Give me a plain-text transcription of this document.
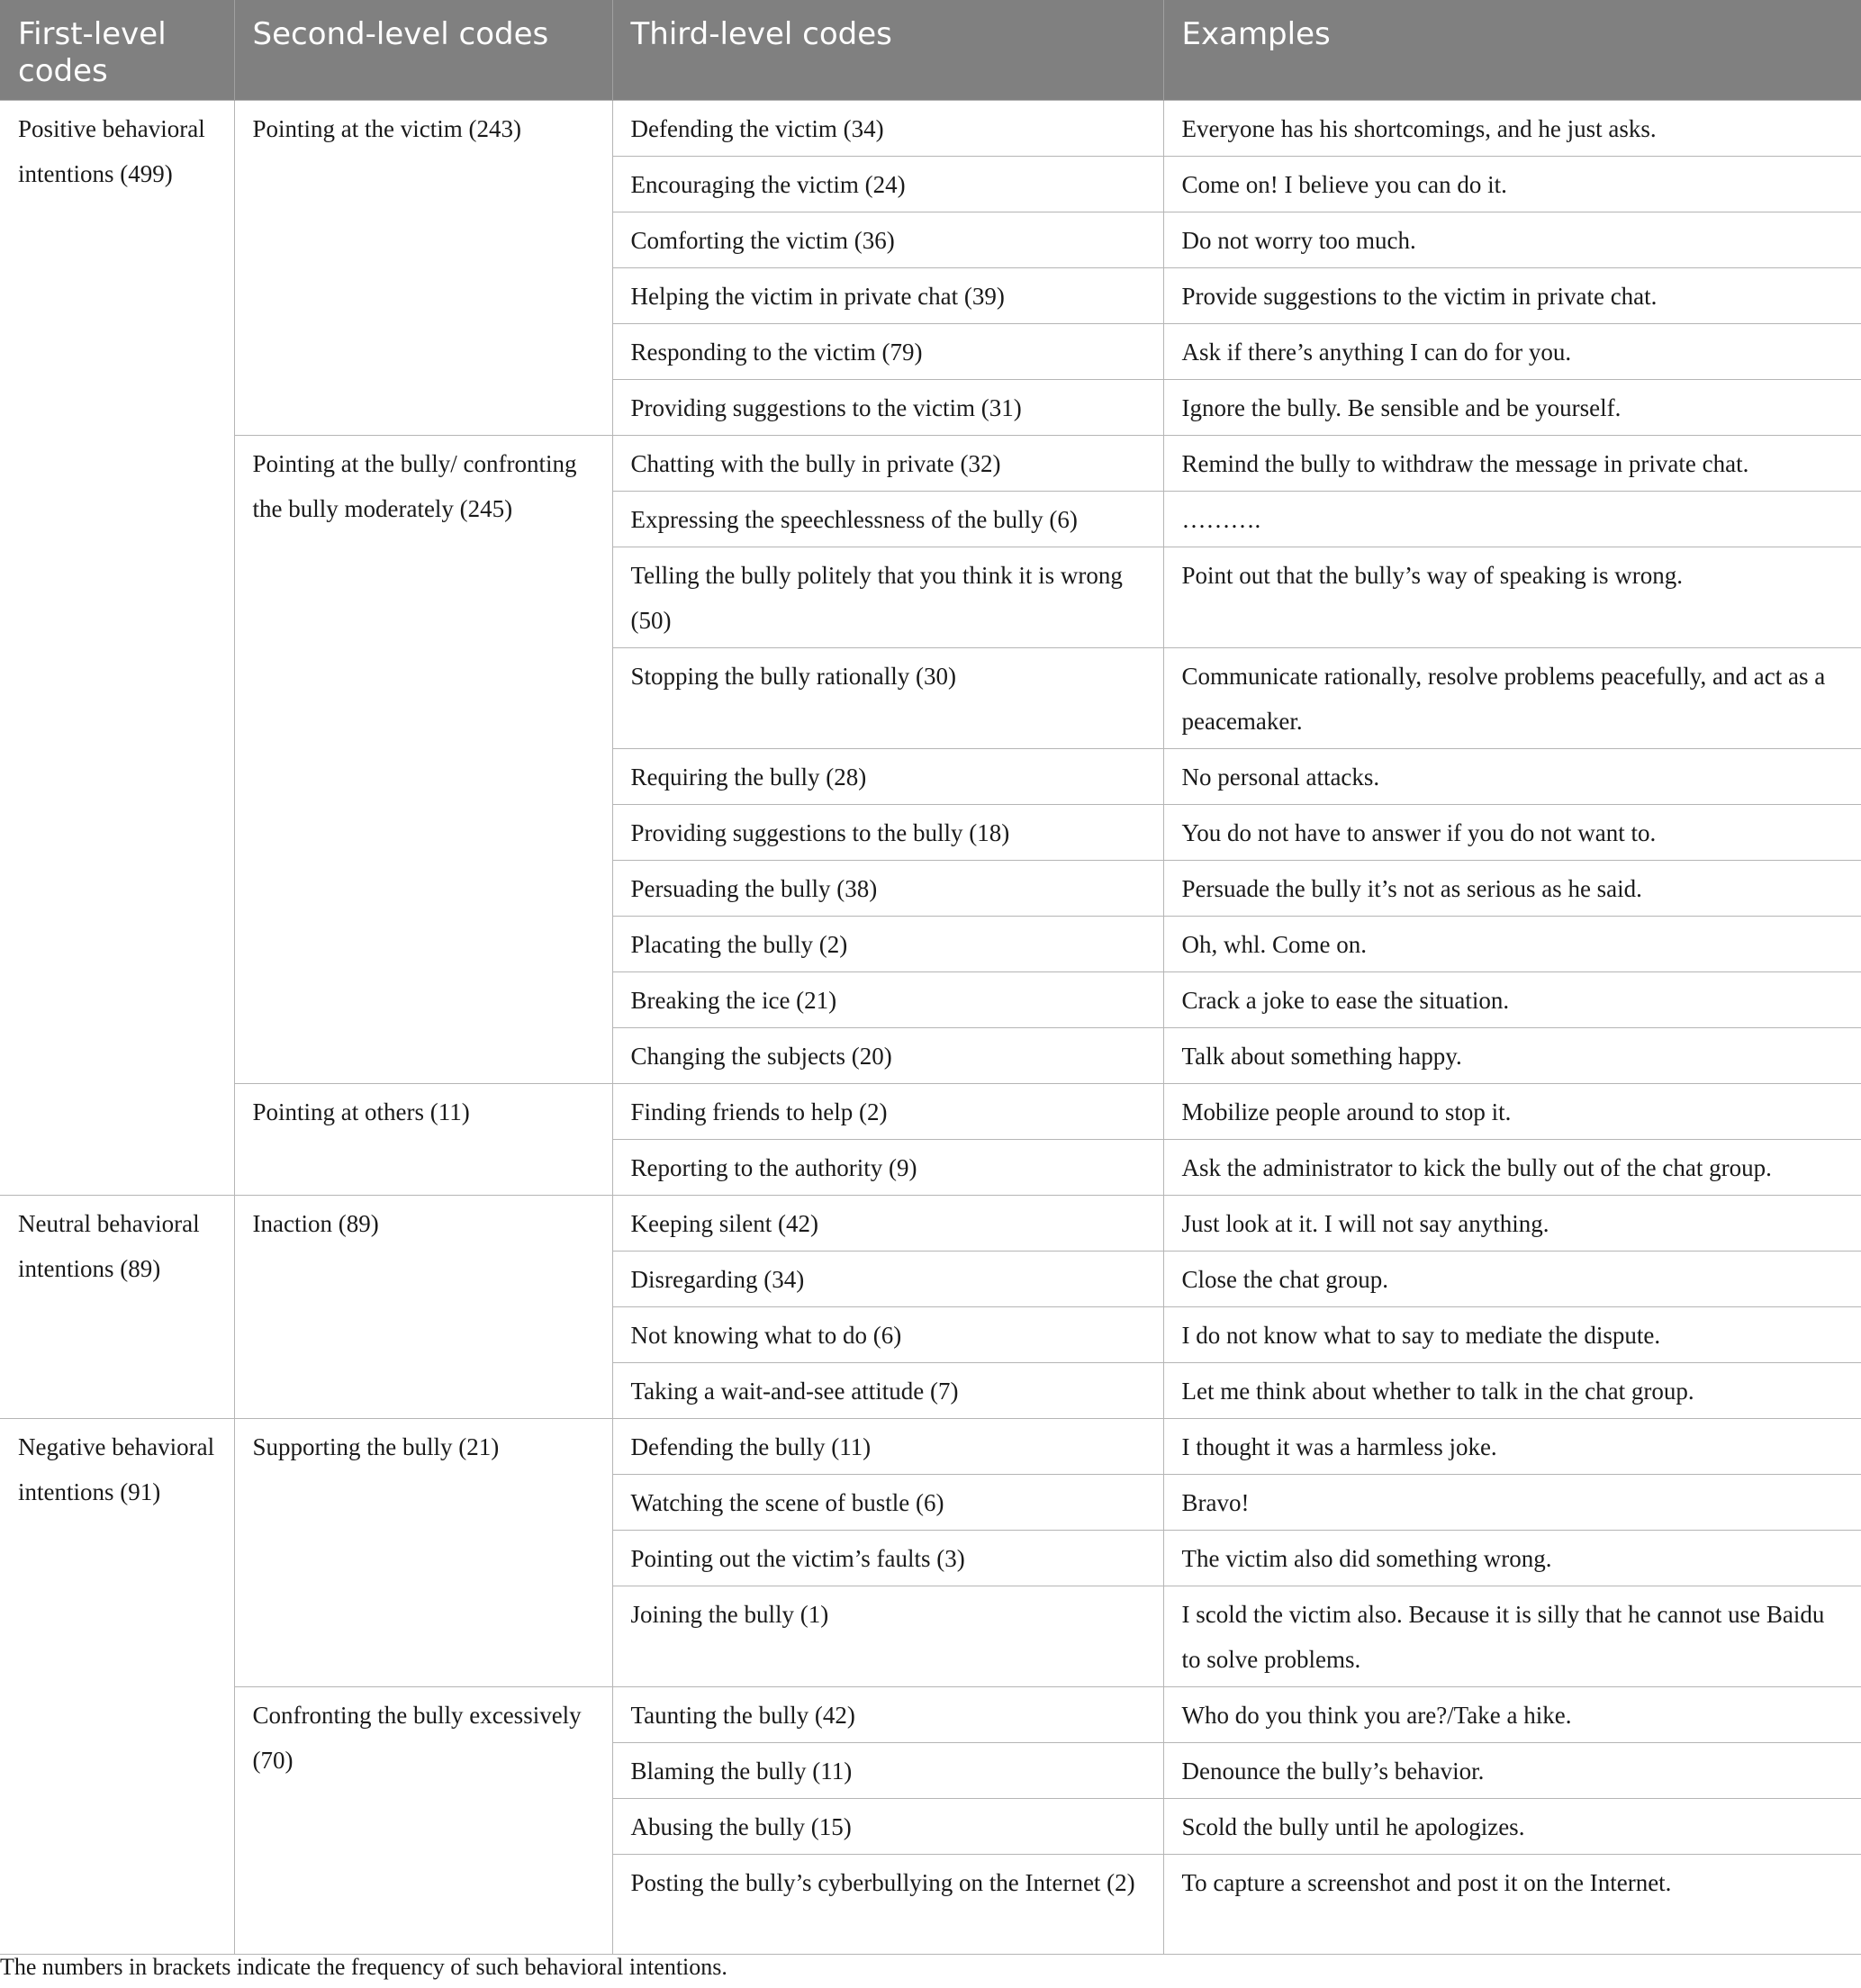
First-level codes	Second-level codes	Third-level codes	Examples
Positive behavioral intentions (499)	Pointing at the victim (243)	Defending the victim (34)	Everyone has his shortcomings, and he just asks.
		Encouraging the victim (24)	Come on! I believe you can do it.
		Comforting the victim (36)	Do not worry too much.
		Helping the victim in private chat (39)	Provide suggestions to the victim in private chat.
		Responding to the victim (79)	Ask if there’s anything I can do for you.
		Providing suggestions to the victim (31)	Ignore the bully. Be sensible and be yourself.
	Pointing at the bully/ confronting the bully moderately (245)	Chatting with the bully in private (32)	Remind the bully to withdraw the message in private chat.
		Expressing the speechlessness of the bully (6)	……….
		Telling the bully politely that you think it is wrong (50)	Point out that the bully’s way of speaking is wrong.
		Stopping the bully rationally (30)	Communicate rationally, resolve problems peacefully, and act as a peacemaker.
		Requiring the bully (28)	No personal attacks.
		Providing suggestions to the bully (18)	You do not have to answer if you do not want to.
		Persuading the bully (38)	Persuade the bully it’s not as serious as he said.
		Placating the bully (2)	Oh, whl. Come on.
		Breaking the ice (21)	Crack a joke to ease the situation.
		Changing the subjects (20)	Talk about something happy.
	Pointing at others (11)	Finding friends to help (2)	Mobilize people around to stop it.
		Reporting to the authority (9)	Ask the administrator to kick the bully out of the chat group.
Neutral behavioral intentions (89)	Inaction (89)	Keeping silent (42)	Just look at it. I will not say anything.
		Disregarding (34)	Close the chat group.
		Not knowing what to do (6)	I do not know what to say to mediate the dispute.
		Taking a wait-and-see attitude (7)	Let me think about whether to talk in the chat group.
Negative behavioral intentions (91)	Supporting the bully (21)	Defending the bully (11)	I thought it was a harmless joke.
		Watching the scene of bustle (6)	Bravo!
		Pointing out the victim’s faults (3)	The victim also did something wrong.
		Joining the bully (1)	I scold the victim also. Because it is silly that he cannot use Baidu to solve problems.
	Confronting the bully excessively (70)	Taunting the bully (42)	Who do you think you are?/Take a hike.
		Blaming the bully (11)	Denounce the bully’s behavior.
		Abusing the bully (15)	Scold the bully until he apologizes.
		Posting the bully’s cyberbullying on the Internet (2)	To capture a screenshot and post it on the Internet.

The numbers in brackets indicate the frequency of such behavioral intentions.
